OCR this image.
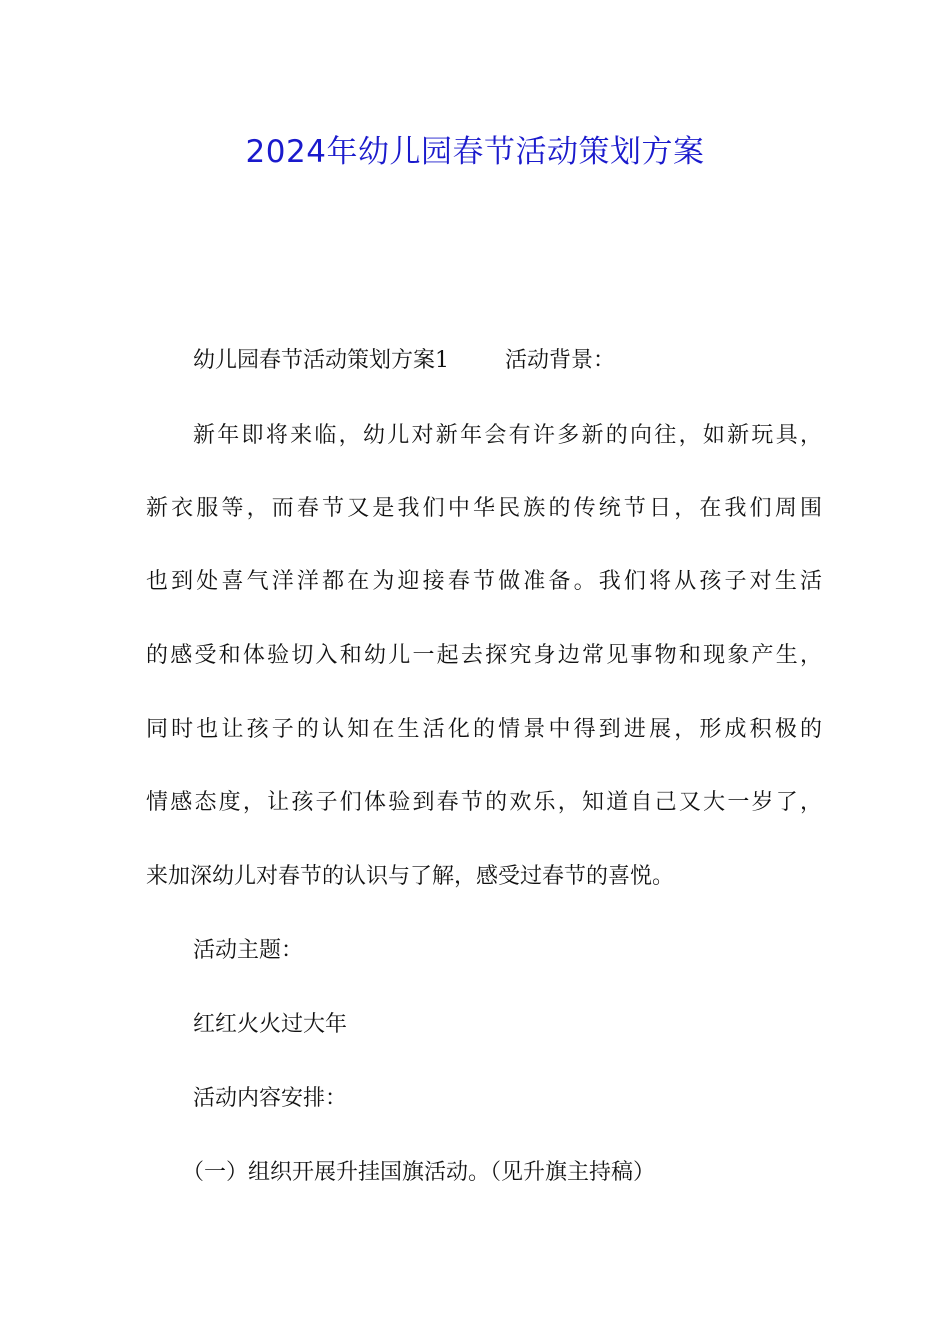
2024年幼儿园春节活动策划方案
幼儿园春节活动策划方案1	活动背景：
新年即将来临，幼儿对新年会有许多新的向往，如新玩具，
新衣服等，而春节又是我们中华民族的传统节日，在我们周围
也到处喜气洋洋都在为迎接春节做准备。我们将从孩子对生活
的感受和体验切入和幼儿一起去探究身边常见事物和现象产生，
同时也让孩子的认知在生活化的情景中得到进展，形成积极的
情感态度，让孩子们体验到春节的欢乐，知道自己又大一岁了，
来加深幼儿对春节的认识与了解，感受过春节的喜悦。
活动主题：
红红火火过大年
活动内容安排：
（一）组织开展升挂国旗活动。（见升旗主持稿）
